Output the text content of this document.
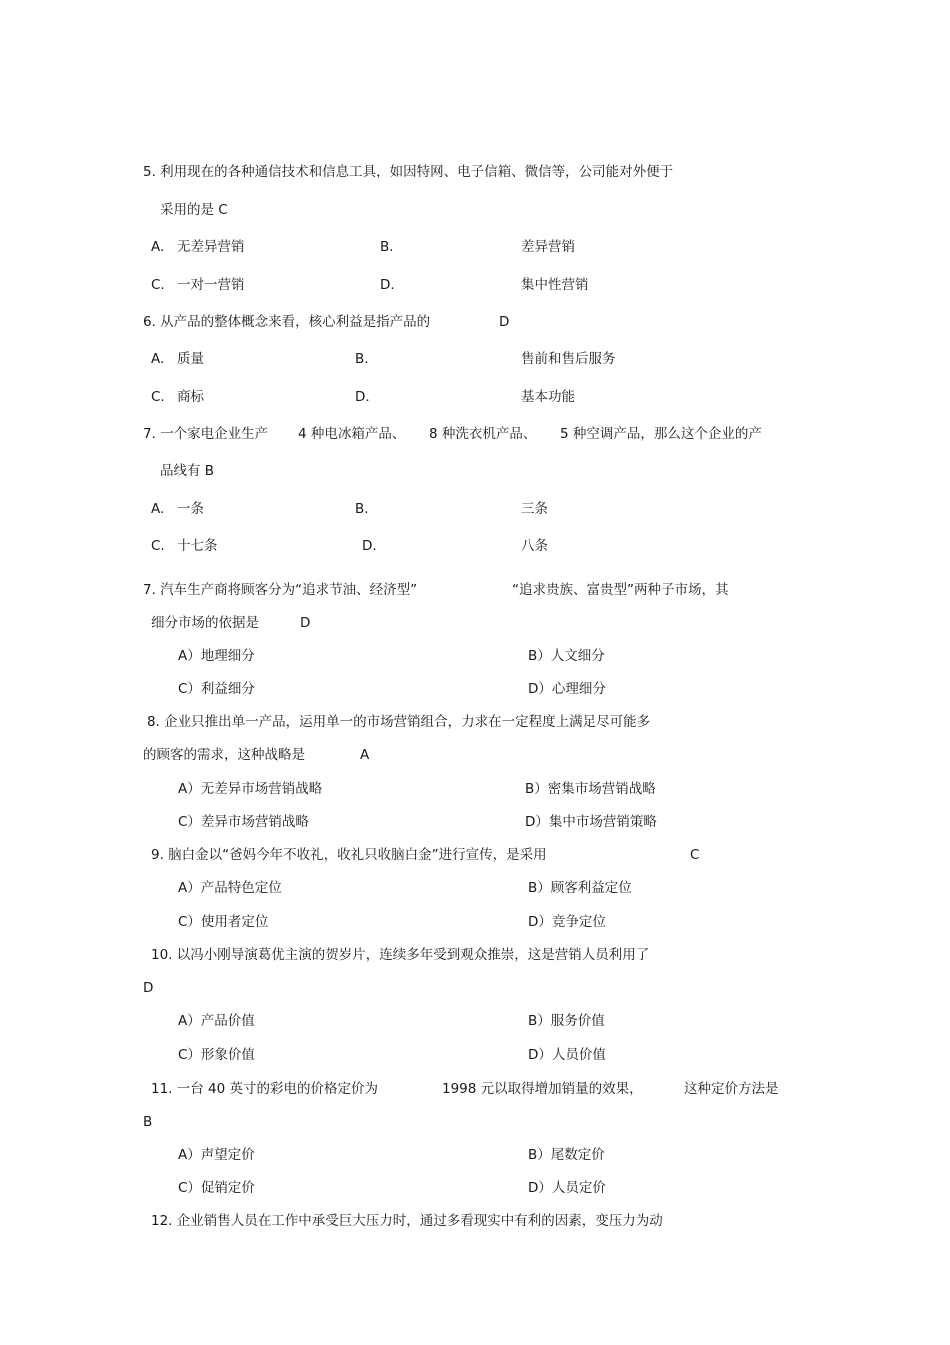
5. 利用现在的各种通信技术和信息工具，如因特网、电子信箱、微信等，公司能对外便于
采用的是 C
A. 无差异营销	B.	差异营销
C. 一对一营销	D.	集中性营销
6. 从产品的整体概念来看，核心利益是指产品的	D
A. 质量	B.	售前和售后服务
C. 商标	D.	基本功能
7. 一个家电企业生产 4 种电冰箱产品、 8 种洗衣机产品、 5 种空调产品，那么这个企业的产
品线有 B
A. 一条	B.	三条
C. 十七条	D.	八条
7. 汽车生产商将顾客分为“追求节油、经济型”	“追求贵族、富贵型”两种子市场，其
细分市场的依据是	D
A）地理细分	B）人文细分
C）利益细分	D）心理细分
8. 企业只推出单一产品，运用单一的市场营销组合，力求在一定程度上满足尽可能多
的顾客的需求，这种战略是	A
A）无差异市场营销战略	B）密集市场营销战略
C）差异市场营销战略	D）集中市场营销策略
9. 脑白金以“爸妈今年不收礼，收礼只收脑白金”进行宣传，是采用	C
A）产品特色定位	B）顾客利益定位
C）使用者定位	D）竞争定位
10. 以冯小刚导演葛优主演的贺岁片，连续多年受到观众推崇，这是营销人员利用了
D
A）产品价值	B）服务价值
C）形象价值	D）人员价值
11. 一台 40 英寸的彩电的价格定价为	1998 元以取得增加销量的效果，	这种定价方法是
B
A）声望定价	B）尾数定价
C）促销定价	D）人员定价
12. 企业销售人员在工作中承受巨大压力时，通过多看现实中有利的因素，变压力为动
